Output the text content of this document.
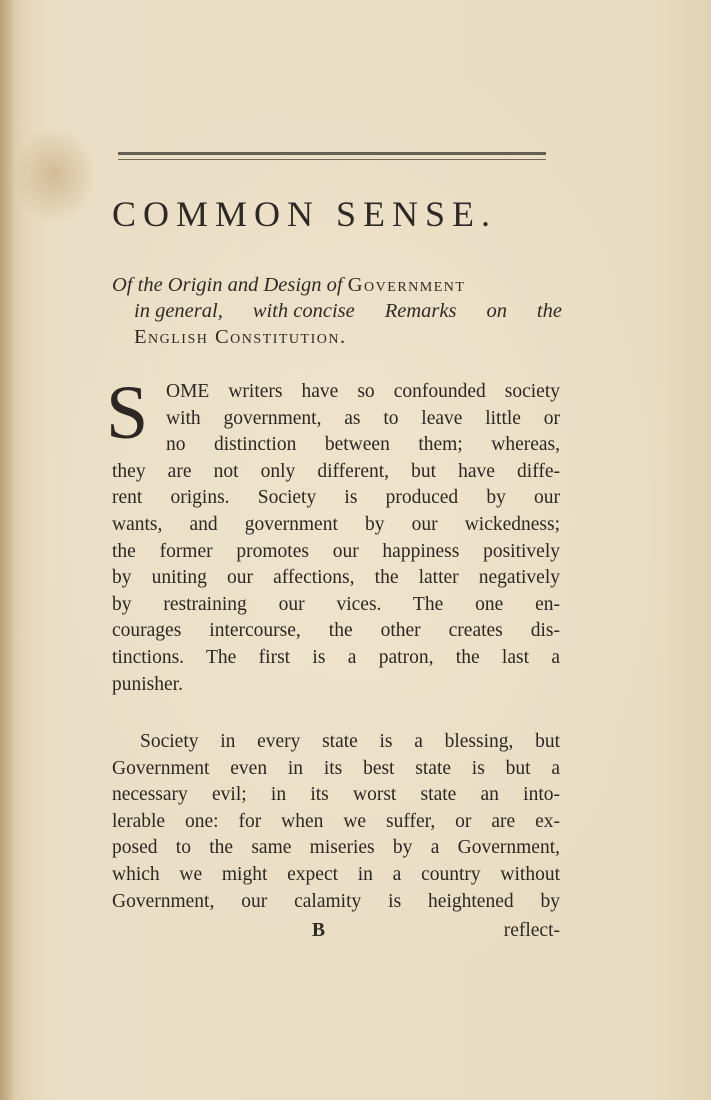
COMMON SENSE.
Of the Origin and Design of Government
in general, with concise Remarks on the
English Constitution.
S OME writers have so confounded society
with government, as to leave little or
no distinction between them; whereas,
they are not only different, but have diffe-
rent origins. Society is produced by our
wants, and government by our wickedness;
the former promotes our happiness positively
by uniting our affections, the latter negatively
by restraining our vices. The one en-
courages intercourse, the other creates dis-
tinctions. The first is a patron, the last a
punisher.
Society in every state is a blessing, but
Government even in its best state is but a
necessary evil; in its worst state an into-
lerable one: for when we suffer, or are ex-
posed to the same miseries by a Government,
which we might expect in a country without
Government, our calamity is heightened by
B	reflect-
